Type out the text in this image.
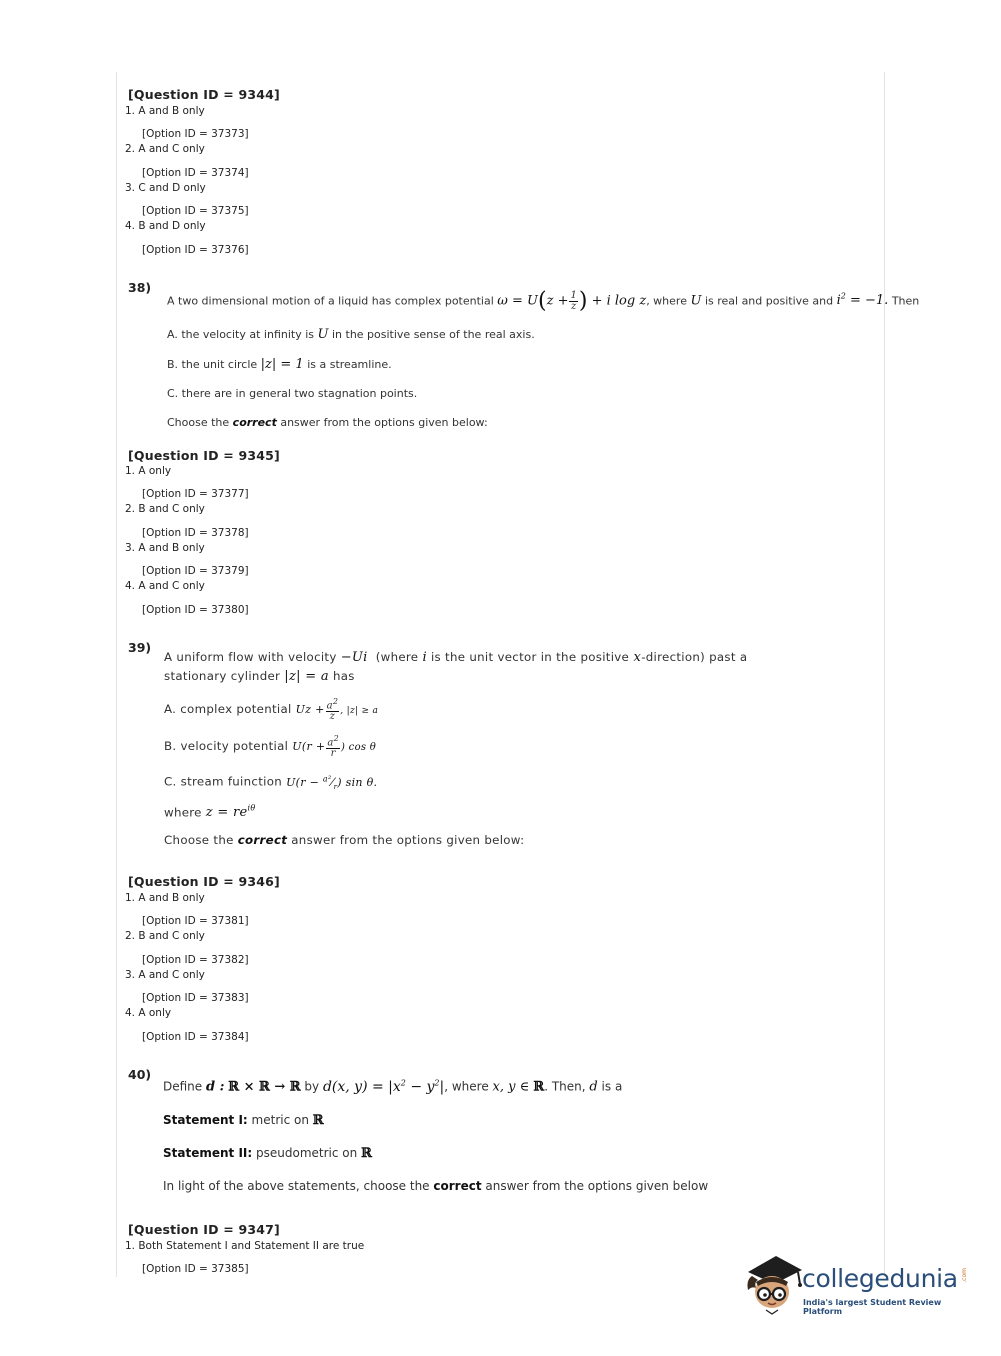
[Question ID = 9344]
1. A and B only
[Option ID = 37373]
2. A and C only
[Option ID = 37374]
3. C and D only
[Option ID = 37375]
4. B and D only
[Option ID = 37376]
38)
A two dimensional motion of a liquid has complex potential $\omega = U(z + \frac{1}{z}$ ) + i log z, where U is real and positive and $i^2 = -1$. Then
A. the velocity at infinity is U in the positive sense of the real axis.
B. the unit circle |z| = 1 is a streamline.
C. there are in general two stagnation points.
Choose the correct answer from the options given below:
[Question ID = 9345]
1. A only
[Option ID = 37377]
2. B and C only
[Option ID = 37378]
3. A and B only
[Option ID = 37379]
4. A and C only
[Option ID = 37380]
39)
A uniform flow with velocity −Ui (where i is the unit vector in the positive x-direction) past a
stationary cylinder |z| = a has
A. complex potential $Uz + \frac{a^2}{z}$ , |z| ≥ a
B. velocity potential $U(r + \frac{a^2}{r}$ ) cos θ
C. stream fuinction $U(r - ^{a^2}⁄_r)$ sin θ.
where $z = re^{i\theta}$
Choose the correct answer from the options given below:
[Question ID = 9346]
1. A and B only
[Option ID = 37381]
2. B and C only
[Option ID = 37382]
3. A and C only
[Option ID = 37383]
4. A only
[Option ID = 37384]
40)
Define d : ℝ × ℝ → ℝ by d(x, $y) = |x^2 - y^2|$, where x, y ∈ ℝ. Then, d is a
Statement I: metric on ℝ
Statement II: pseudometric on ℝ
In light of the above statements, choose the correct answer from the options given below
[Question ID = 9347]
1. Both Statement I and Statement II are true
[Option ID = 37385]	collegedunia .com
India's largest Student Review Platform
